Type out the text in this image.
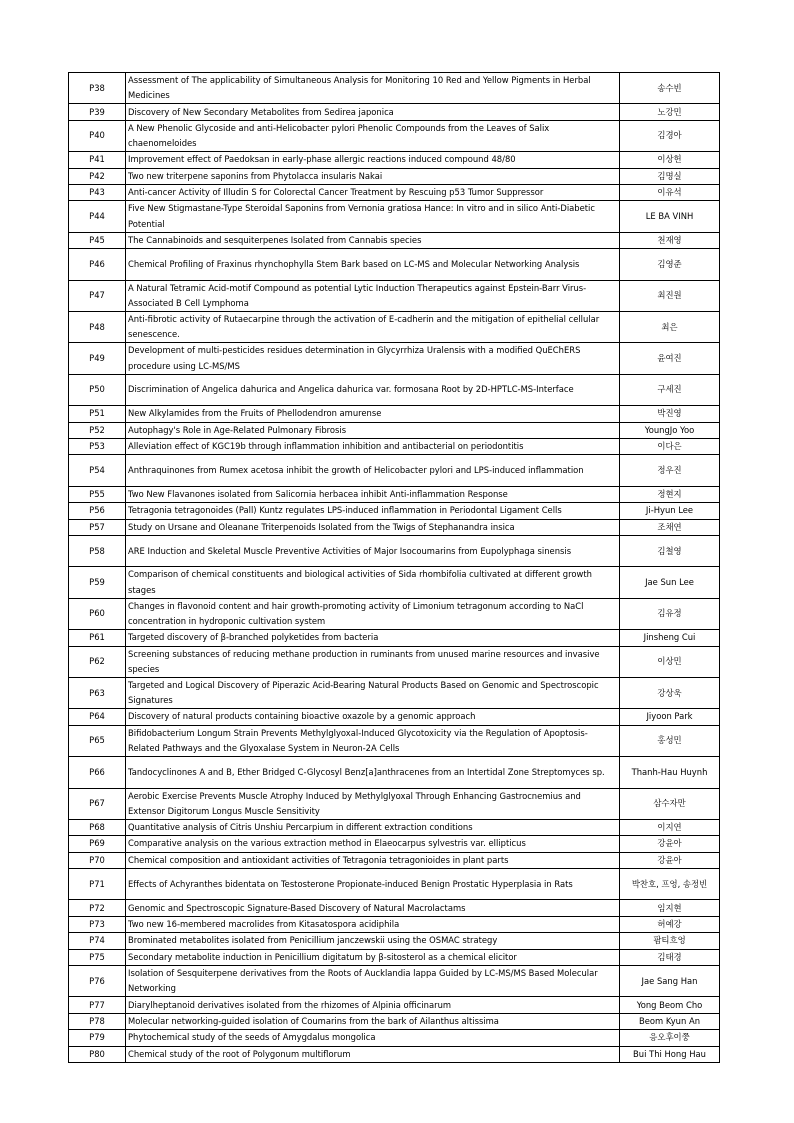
P38	Assessment of The applicability of Simultaneous Analysis for Monitoring 10 Red and Yellow Pigments in Herbal Medicines	송수빈
P39	Discovery of New Secondary Metabolites from Sedirea japonica	노강민
P40	A New Phenolic Glycoside and anti-Helicobacter pylori Phenolic Compounds from the Leaves of Salix chaenomeloides	김경아
P41	Improvement effect of Paedoksan in early-phase allergic reactions induced compound 48/80	이상헌
P42	Two new triterpene saponins from Phytolacca insularis Nakai	김명실
P43	Anti-cancer Activity of Illudin S for Colorectal Cancer Treatment by Rescuing p53 Tumor Suppressor	이유석
P44	Five New Stigmastane-Type Steroidal Saponins from Vernonia gratiosa Hance: In vitro and in silico Anti-Diabetic Potential	LE BA VINH
P45	The Cannabinoids and sesquiterpenes Isolated from Cannabis species	천재영
P46	Chemical Profiling of Fraxinus rhynchophylla Stem Bark based on LC-MS and Molecular Networking Analysis	김영준
P47	A Natural Tetramic Acid-motif Compound as potential Lytic Induction Therapeutics against Epstein-Barr Virus-Associated B Cell Lymphoma	최진원
P48	Anti-fibrotic activity of Rutaecarpine through the activation of E-cadherin and the mitigation of epithelial cellular senescence.	최은
P49	Development of multi-pesticides residues determination in Glycyrrhiza Uralensis with a modified QuEChERS procedure using LC-MS/MS	윤여진
P50	Discrimination of Angelica dahurica and Angelica dahurica var. formosana Root by 2D-HPTLC-MS-Interface	구세진
P51	New Alkylamides from the Fruits of Phellodendron amurense	박진영
P52	Autophagy's Role in Age-Related Pulmonary Fibrosis	YoungJo Yoo
P53	Alleviation effect of KGC19b through inflammation inhibition and antibacterial on periodontitis	이다은
P54	Anthraquinones from Rumex acetosa inhibit the growth of Helicobacter pylori and LPS-induced inflammation	정우진
P55	Two New Flavanones isolated from Salicornia herbacea inhibit Anti-inflammation Response	정현지
P56	Tetragonia tetragonoides (Pall) Kuntz regulates LPS-induced inflammation in Periodontal Ligament Cells	Ji-Hyun Lee
P57	Study on Ursane and Oleanane Triterpenoids Isolated from the Twigs of Stephanandra insica	조채연
P58	ARE Induction and Skeletal Muscle Preventive Activities of Major Isocoumarins from Eupolyphaga sinensis	김철영
P59	Comparison of chemical constituents and biological activities of Sida rhombifolia cultivated at different growth stages	Jae Sun Lee
P60	Changes in flavonoid content and hair growth-promoting activity of Limonium tetragonum according to NaCl concentration in hydroponic cultivation system	김유정
P61	Targeted discovery of β-branched polyketides from bacteria	Jinsheng Cui
P62	Screening substances of reducing methane production in ruminants from unused marine resources and invasive species	이상민
P63	Targeted and Logical Discovery of Piperazic Acid-Bearing Natural Products Based on Genomic and Spectroscopic Signatures	강상욱
P64	Discovery of natural products containing bioactive oxazole by a genomic approach	Jiyoon Park
P65	Bifidobacterium Longum Strain Prevents Methylglyoxal-Induced Glycotoxicity via the Regulation of Apoptosis-Related Pathways and the Glyoxalase System in Neuron-2A Cells	홍성민
P66	Tandocyclinones A and B, Ether Bridged C-Glycosyl Benz[a]anthracenes from an Intertidal Zone Streptomyces sp.	Thanh-Hau Huynh
P67	Aerobic Exercise Prevents Muscle Atrophy Induced by Methylglyoxal Through Enhancing Gastrocnemius and Extensor Digitorum Longus Muscle Sensitivity	삼수자만
P68	Quantitative analysis of Citris Unshiu Percarpium in different extraction conditions	이지연
P69	Comparative analysis on the various extraction method in Elaeocarpus sylvestris var. ellipticus	강윤아
P70	Chemical composition and antioxidant activities of Tetragonia tetragonioides in plant parts	강윤아
P71	Effects of Achyranthes bidentata on Testosterone Propionate-induced Benign Prostatic Hyperplasia in Rats	박찬호, 프엉, 송정빈
P72	Genomic and Spectroscopic Signature-Based Discovery of Natural Macrolactams	임지현
P73	Two new 16-membered macrolides from Kitasatospora acidiphila	허예강
P74	Brominated metabolites isolated from Penicillium janczewskii using the OSMAC strategy	팜티흐엉
P75	Secondary metabolite induction in Penicillium digitatum by β-sitosterol as a chemical elicitor	김태경
P76	Isolation of Sesquiterpene derivatives from the Roots of Aucklandia lappa Guided by LC-MS/MS Based Molecular Networking	Jae Sang Han
P77	Diarylheptanoid derivatives isolated from the rhizomes of Alpinia officinarum	Yong Beom Cho
P78	Molecular networking-guided isolation of Coumarins from the bark of Ailanthus altissima	Beom Kyun An
P79	Phytochemical study of the seeds of Amygdalus mongolica	응오후이쭝
P80	Chemical study of the root of Polygonum multiflorum	Bui Thi Hong Hau
